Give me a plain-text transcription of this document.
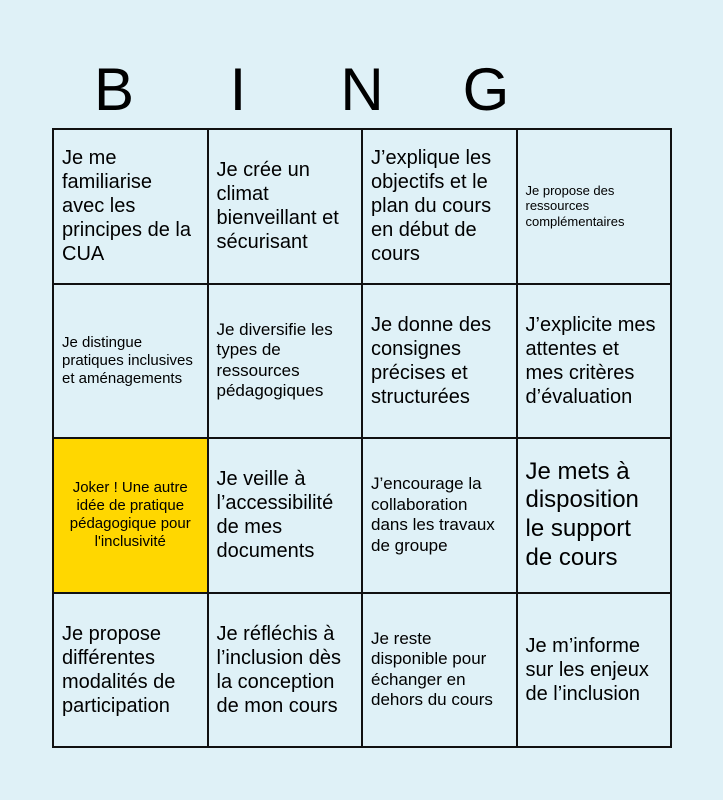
B	I	N	G
Je me familiarise avec les principes de la CUA
Je crée un climat bienveillant et sécurisant
J’explique les objectifs et le plan du cours en début de cours
Je propose des ressources complémentaires
Je distingue pratiques inclusives et aménagements
Je diversifie les types de ressources pédagogiques
Je donne des consignes précises et structurées
J’explicite mes attentes et mes critères d’évaluation
Joker ! Une autre idée de pratique pédagogique pour l'inclusivité
Je veille à l’accessibilité de mes documents
J’encourage la collaboration dans les travaux de groupe
Je mets à disposition le support de cours
Je propose différentes modalités de participation
Je réfléchis à l’inclusion dès la conception de mon cours
Je reste disponible pour échanger en dehors du cours
Je m’informe sur les enjeux de l’inclusion
